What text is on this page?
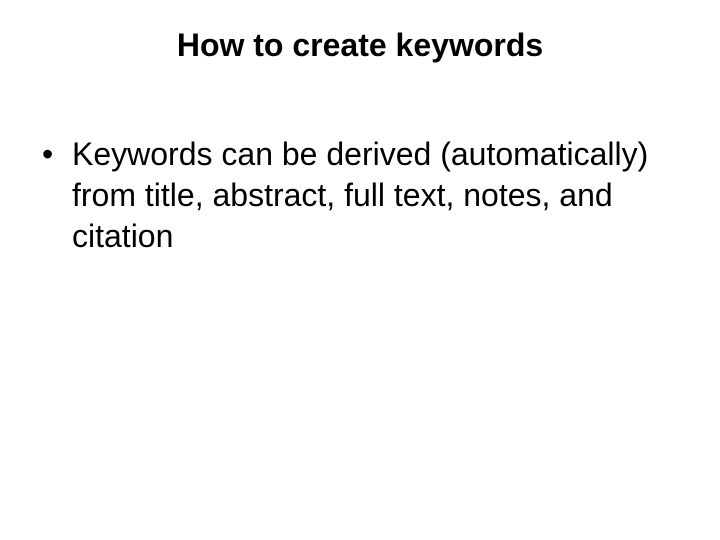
How to create keywords
• Keywords can be derived (automatically) from title, abstract, full text, notes, and citation
